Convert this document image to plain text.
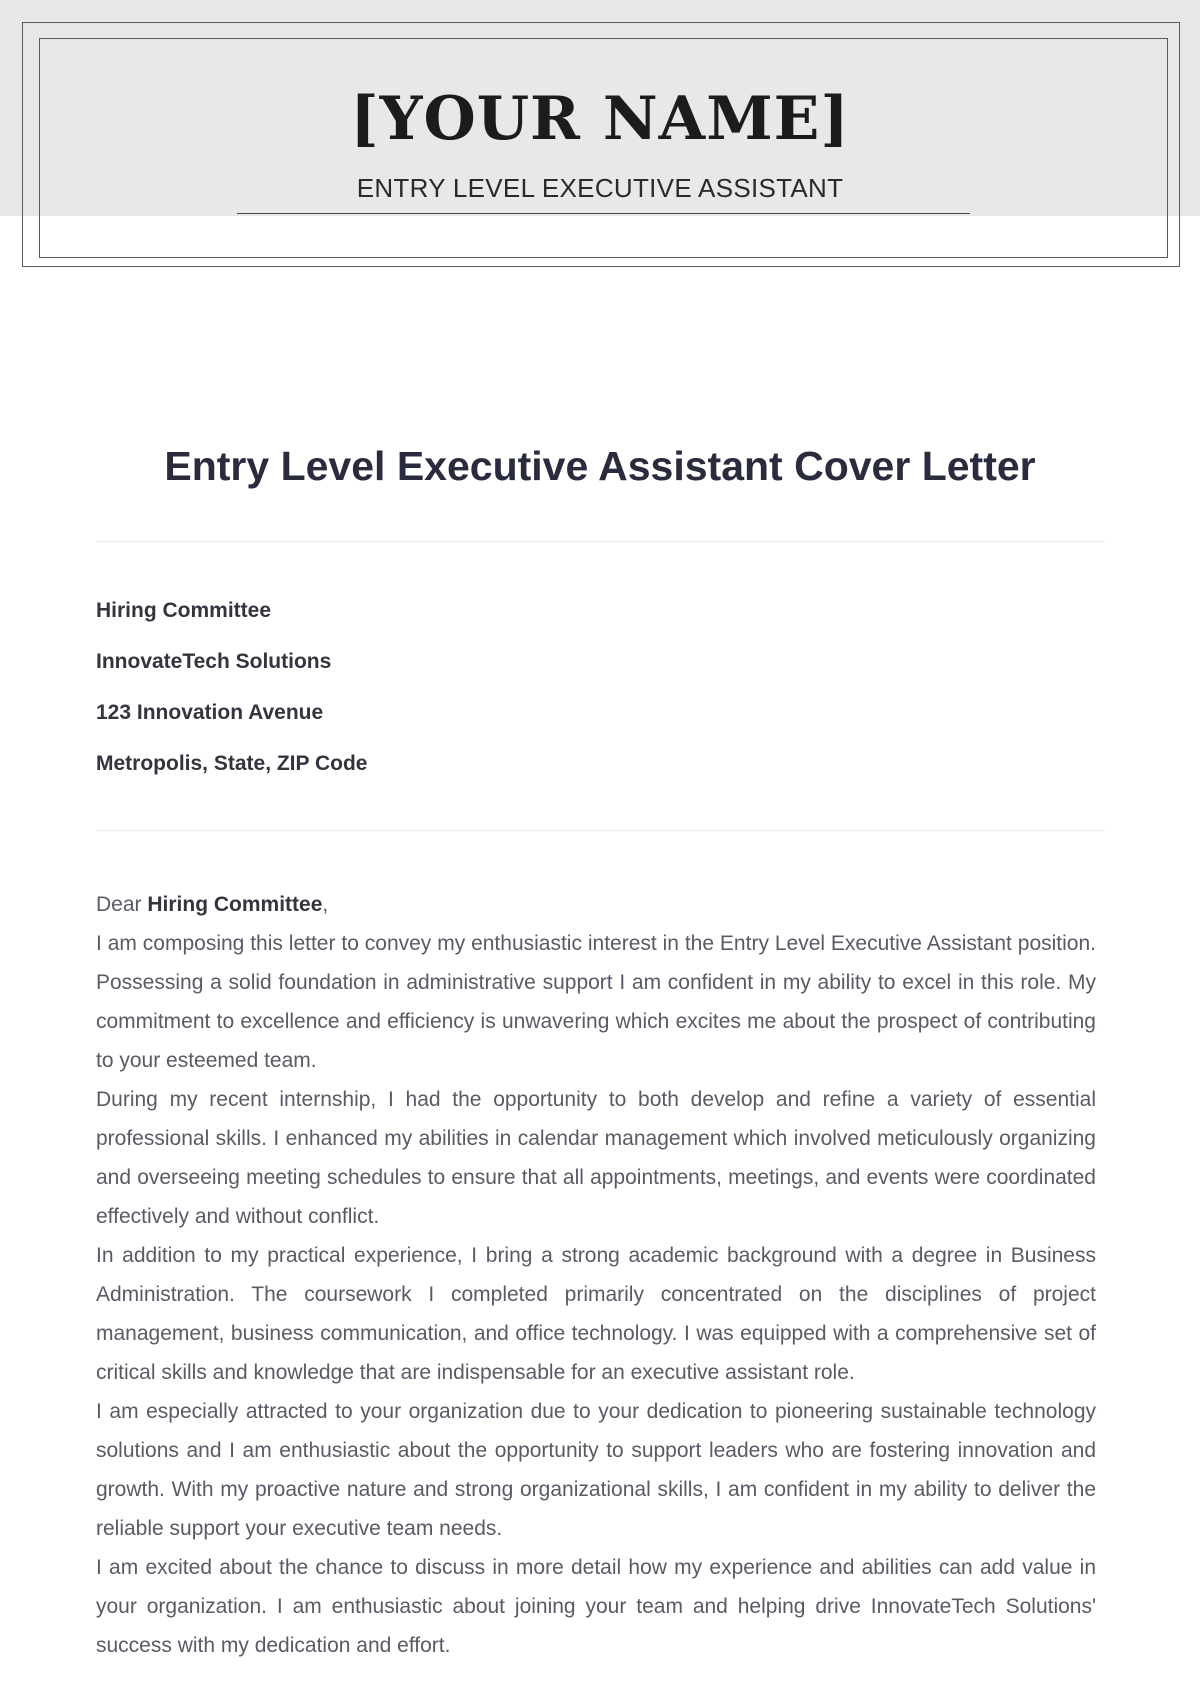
[YOUR NAME]
ENTRY LEVEL EXECUTIVE ASSISTANT
Entry Level Executive Assistant Cover Letter
Hiring Committee
InnovateTech Solutions
123 Innovation Avenue
Metropolis, State, ZIP Code

Dear Hiring Committee,

I am composing this letter to convey my enthusiastic interest in the Entry Level Executive Assistant position. Possessing a solid foundation in administrative support I am confident in my ability to excel in this role. My commitment to excellence and efficiency is unwavering which excites me about the prospect of contributing to your esteemed team.

During my recent internship, I had the opportunity to both develop and refine a variety of essential professional skills. I enhanced my abilities in calendar management which involved meticulously organizing and overseeing meeting schedules to ensure that all appointments, meetings, and events were coordinated effectively and without conflict.

In addition to my practical experience, I bring a strong academic background with a degree in Business Administration. The coursework I completed primarily concentrated on the disciplines of project management, business communication, and office technology. I was equipped with a comprehensive set of critical skills and knowledge that are indispensable for an executive assistant role.

I am especially attracted to your organization due to your dedication to pioneering sustainable technology solutions and I am enthusiastic about the opportunity to support leaders who are fostering innovation and growth. With my proactive nature and strong organizational skills, I am confident in my ability to deliver the reliable support your executive team needs.

I am excited about the chance to discuss in more detail how my experience and abilities can add value in your organization. I am enthusiastic about joining your team and helping drive InnovateTech Solutions' success with my dedication and effort.
